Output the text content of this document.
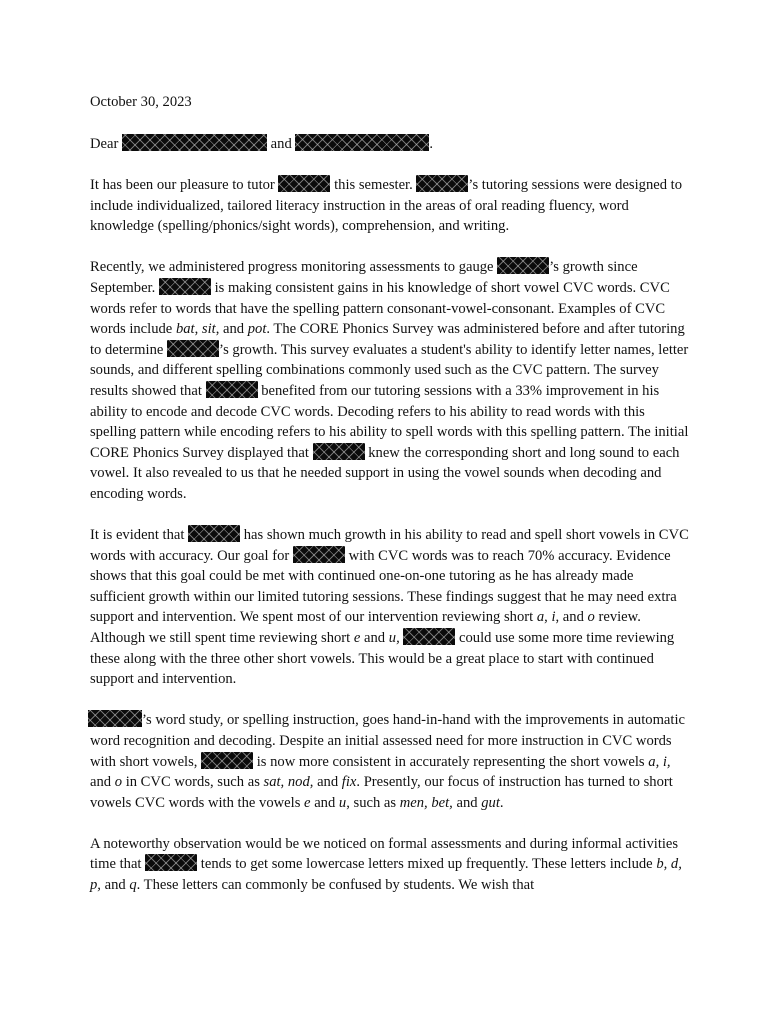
October 30, 2023
Dear	and	.

It has been our pleasure to tutor	this semester.	’s tutoring sessions were designed to include individualized, tailored literacy instruction in the areas of oral reading fluency, word knowledge (spelling/phonics/sight words), comprehension, and writing.

Recently, we administered progress monitoring assessments to gauge	’s growth since September.	is making consistent gains in his knowledge of short vowel CVC words. CVC words refer to words that have the spelling pattern consonant-vowel-consonant. Examples of CVC words include bat, sit, and pot. The CORE Phonics Survey was administered before and after tutoring to determine	’s growth. This survey evaluates a student's ability to identify letter names, letter sounds, and different spelling combinations commonly used such as the CVC pattern. The survey results showed that	benefited from our tutoring sessions with a 33% improvement in his ability to encode and decode CVC words. Decoding refers to his ability to read words with this spelling pattern while encoding refers to his ability to spell words with this spelling pattern. The initial CORE Phonics Survey displayed that	knew the corresponding short and long sound to each vowel. It also revealed to us that he needed support in using the vowel sounds when decoding and encoding words.

It is evident that	has shown much growth in his ability to read and spell short vowels in CVC words with accuracy. Our goal for	with CVC words was to reach 70% accuracy. Evidence shows that this goal could be met with continued one-on-one tutoring as he has already made sufficient growth within our limited tutoring sessions. These findings suggest that he may need extra support and intervention. We spent most of our intervention reviewing short a, i, and o review. Although we still spent time reviewing short e and u,	could use some more time reviewing these along with the three other short vowels. This would be a great place to start with continued support and intervention.

’s word study, or spelling instruction, goes hand-in-hand with the improvements in automatic word recognition and decoding. Despite an initial assessed need for more instruction in CVC words with short vowels,	is now more consistent in accurately representing the short vowels a, i, and o in CVC words, such as sat, nod, and fix. Presently, our focus of instruction has turned to short vowels CVC words with the vowels e and u, such as men, bet, and gut.

A noteworthy observation would be we noticed on formal assessments and during informal activities time that	tends to get some lowercase letters mixed up frequently. These letters include b, d, p, and q. These letters can commonly be confused by students. We wish that
